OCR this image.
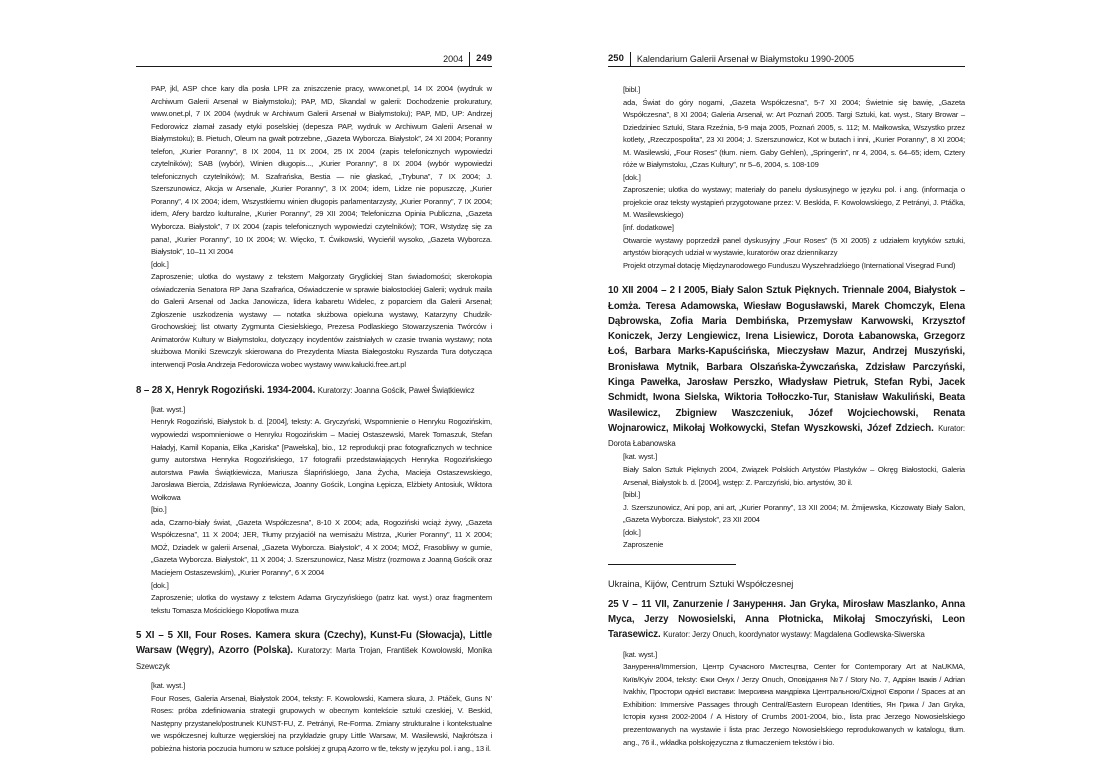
2004 249

PAP, jkl, ASP chce kary dla posła LPR za zniszczenie pracy, www.onet.pl, 14 IX 2004 (wydruk w Archiwum Galerii Arsenał w Białymstoku); PAP, MD, Skandal w galerii: Dochodzenie prokuratury, www.onet.pl, 7 IX 2004 (wydruk w Archiwum Galerii Arsenał w Białymstoku); PAP, MD, UP: Andrzej Fedorowicz złamał zasady etyki poselskiej (depesza PAP, wydruk w Archiwum Galerii Arsenał w Białymstoku); B. Pietuch, Oleum na gwałt potrzebne, „Gazeta Wyborcza. Białystok”, 24 XI 2004; Poranny telefon, „Kurier Poranny”, 8 IX 2004, 11 IX 2004, 25 IX 2004 (zapis telefonicznych wypowiedzi czytelników); SAB (wybór), Winien długopis..., „Kurier Poranny”, 8 IX 2004 (wybór wypowiedzi telefonicznych czytelników); M. Szafrańska, Bestia — nie głaskać, „Trybuna”, 7 IX 2004; J. Szerszunowicz, Akcja w Arsenale, „Kurier Poranny”, 3 IX 2004; idem, Lidze nie popuszczę, „Kurier Poranny”, 4 IX 2004; idem, Wszystkiemu winien długopis parlamentarzysty, „Kurier Poranny”, 7 IX 2004; idem, Afery bardzo kulturalne, „Kurier Poranny”, 29 XII 2004; Telefoniczna Opinia Publiczna, „Gazeta Wyborcza. Białystok”, 7 IX 2004 (zapis telefonicznych wypowiedzi czytelników); TOR, Wstydzę się za pana!, „Kurier Poranny”, 10 IX 2004; W. Więcko, T. Ćwikowski, Wycieńil wysoko, „Gazeta Wyborcza. Białystok”, 10–11 XI 2004

[dok.]

Zaproszenie; ulotka do wystawy z tekstem Małgorzaty Gryglickiej Stan świadomości; skerokopia oświadczenia Senatora RP Jana Szafrańca, Oświadczenie w sprawie białostockiej Galerii; wydruk maila do Galerii Arsenał od Jacka Janowicza, lidera kabaretu Widelec, z poparciem dla Galerii Arsenał; Zgłoszenie uszkodzenia wystawy — notatka służbowa opiekuna wystawy, Katarzyny Chudzik-Grochowskiej; list otwarty Zygmunta Ciesielskiego, Prezesa Podlaskiego Stowarzyszenia Twórców i Animatorów Kultury w Białymstoku, dotyczący incydentów zaistniałych w czasie trwania wystawy; nota służbowa Moniki Szewczyk skierowana do Prezydenta Miasta Białegostoku Ryszarda Tura dotycząca interwencji Posła Andrzeja Fedorowicza wobec wystawy www.kałucki.free.art.pl

8 – 28 X, Henryk Rogoziński. 1934-2004. Kuratorzy: Joanna Gościk, Paweł Świątkiewicz

[kat. wyst.]

Henryk Rogoziński, Białystok b. d. [2004], teksty: A. Gryczyński, Wspomnienie o Henryku Rogozińskim, wypowiedzi wspomnieniowe o Henryku Rogozińskim – Maciej Ostaszewski, Marek Tomaszuk, Stefan Haładyj, Kamil Kopania, Ełka „Kariska” [Pawełska], bio., 12 reprodukcji prac fotograficznych w technice gumy autorstwa Henryka Rogozińskiego, 17 fotografii przedstawiających Henryka Rogozińskiego autorstwa Pawła Świątkiewicza, Mariusza Ślaprińskiego, Jana Życha, Macieja Ostaszewskiego, Jarosława Biercia, Zdzisława Rynkiewicza, Joanny Gościk, Longina Łępicza, Elżbiety Antosiuk, Wiktora Wołkowa

[bio.]

ada, Czarno-biały świat, „Gazeta Współczesna”, 8-10 X 2004; ada, Rogoziński wciąż żywy, „Gazeta Współczesna”, 11 X 2004; JER, Tłumy przyjaciół na wernisażu Mistrza, „Kurier Poranny”, 11 X 2004; MOŻ, Dziadek w galerii Arsenał, „Gazeta Wyborcza. Białystok”, 4 X 2004; MOŻ, Frasobliwy w gumie, „Gazeta Wyborcza. Białystok”, 11 X 2004; J. Szerszunowicz, Nasz Mistrz (rozmowa z Joanną Gościk oraz Maciejem Ostaszewskim), „Kurier Poranny”, 6 X 2004

[dok.]

Zaproszenie; ulotka do wystawy z tekstem Adama Gryczyńskiego (patrz kat. wyst.) oraz fragmentem tekstu Tomasza Mościckiego Kłopotliwa muza

5 XI – 5 XII, Four Roses. Kamera skura (Czechy), Kunst-Fu (Słowacja), Little Warsaw (Węgry), Azorro (Polska). Kuratorzy: Marta Trojan, František Kowolowski, Monika Szewczyk

[kat. wyst.]

Four Roses, Galeria Arsenał, Białystok 2004, teksty: F. Kowolowski, Kamera skura, J. Ptáček, Guns N’ Roses: próba zdefiniowania strategii grupowych w obecnym kontekście sztuki czeskiej, V. Beskid, Następny przystanek/postrunek KUNST-FU, Z. Petrányi, Re-Forma. Zmiany strukturalne i kontekstualne we współczesnej kulturze węgierskiej na przykładzie grupy Little Warsaw, M. Wasilewski, Najkrótsza i pobieżna historia poczucia humoru w sztuce polskiej z grupą Azorro w tle, teksty w języku pol. i ang., 13 il.

250 Kalendarium Galerii Arsenał w Białymstoku 1990-2005

[bibl.]

ada, Świat do góry nogami, „Gazeta Współczesna”, 5-7 XI 2004; Świetnie się bawię, „Gazeta Współczesna”, 8 XI 2004; Galeria Arsenał, w: Art Poznań 2005. Targi Sztuki, kat. wyst., Stary Browar – Dziedziniec Sztuki, Stara Rzeźnia, 5-9 maja 2005, Poznań 2005, s. 112; M. Małkowska, Wszystko przez kotlety, „Rzeczpospolita”, 23 XI 2004; J. Szerszunowicz, Kot w butach i inni, „Kurier Poranny”, 8 XI 2004; M. Wasilewski, „Four Roses” (tłum. niem. Gaby Gehlen), „Springerin”, nr 4, 2004, s. 64–65; idem, Cztery róże w Białymstoku, „Czas Kultury”, nr 5–6, 2004, s. 108-109

[dok.]

Zaproszenie; ulotka do wystawy; materiały do panelu dyskusyjnego w języku pol. i ang. (informacja o projekcie oraz teksty wystąpień przygotowane przez: V. Beskida, F. Kowolowskiego, Z Petrányi, J. Ptáčka, M. Wasilewskiego)

[inf. dodatkowe]

Otwarcie wystawy poprzedził panel dyskusyjny „Four Roses” (5 XI 2005) z udziałem krytyków sztuki, artystów biorących udział w wystawie, kuratorów oraz dziennikarzy

Projekt otrzymał dotację Międzynarodowego Funduszu Wyszehradzkiego (International Visegrad Fund)

10 XII 2004 – 2 I 2005, Biały Salon Sztuk Pięknych. Triennale 2004, Białystok – Łomża. Teresa Adamowska, Wiesław Bogusławski, Marek Chomczyk, Elena Dąbrowska, Zofia Maria Dembińska, Przemysław Karwowski, Krzysztof Koniczek, Jerzy Lengiewicz, Irena Lisiewicz, Dorota Łabanowska, Grzegorz Łoś, Barbara Marks-Kapuścińska, Mieczysław Mazur, Andrzej Muszyński, Bronisława Mytnik, Barbara Olszańska-Żywczańska, Zdzisław Parczyński, Kinga Pawełka, Jarosław Perszko, Władysław Pietruk, Stefan Rybi, Jacek Schmidt, Iwona Sielska, Wiktoria Tołłoczko-Tur, Stanisław Wakuliński, Beata Wasilewicz, Zbigniew Waszczeniuk, Józef Wojciechowski, Renata Wojnarowicz, Mikołaj Wołkowycki, Stefan Wyszkowski, Józef Zdziech. Kurator: Dorota Łabanowska

[kat. wyst.]

Biały Salon Sztuk Pięknych 2004, Związek Polskich Artystów Plastyków – Okręg Białostocki, Galeria Arsenał, Białystok b. d. [2004], wstęp: Z. Parczyński, bio. artystów, 30 il.

[bibl.]

J. Szerszunowicz, Ani pop, ani art, „Kurier Poranny”, 13 XII 2004; M. Żmijewska, Kiczowaty Biały Salon, „Gazeta Wyborcza. Białystok”, 23 XII 2004

[dok.]

Zaproszenie

Ukraina, Kijów, Centrum Sztuki Współczesnej

25 V – 11 VII, Zanurzenie / Занурення. Jan Gryka, Mirosław Maszlanko, Anna Myca, Jerzy Nowosielski, Anna Płotnicka, Mikołaj Smoczyński, Leon Tarasewicz. Kurator: Jerzy Onuch, koordynator wystawy: Magdalena Godlewska-Siwerska

[kat. wyst.]

Занурення/Immersion, Центр Сучасного Мистецтва, Center for Contemporary Art at NaUKMA, Київ/Kyiv 2004, teksty: Єжи Онух / Jerzy Onuch, Оповідання №7 / Story No. 7, Адріян Іваків / Adrian Ivakhiv, Простори однієї вистави: Імерсивна мандрівка Центральною/Східної Європи / Spaces at an Exhibition: Immersive Passages through Central/Eastern European Identities, Ян Грика / Jan Gryka, Історія кузня 2002-2004 / A History of Crumbs 2001-2004, bio., lista prac Jerzego Nowosielskiego prezentowanych na wystawie i lista prac Jerzego Nowosielskiego reprodukowanych w katalogu, tłum. ang., 76 il., wkładka polskojęzyczna z tłumaczeniem tekstów i bio.
